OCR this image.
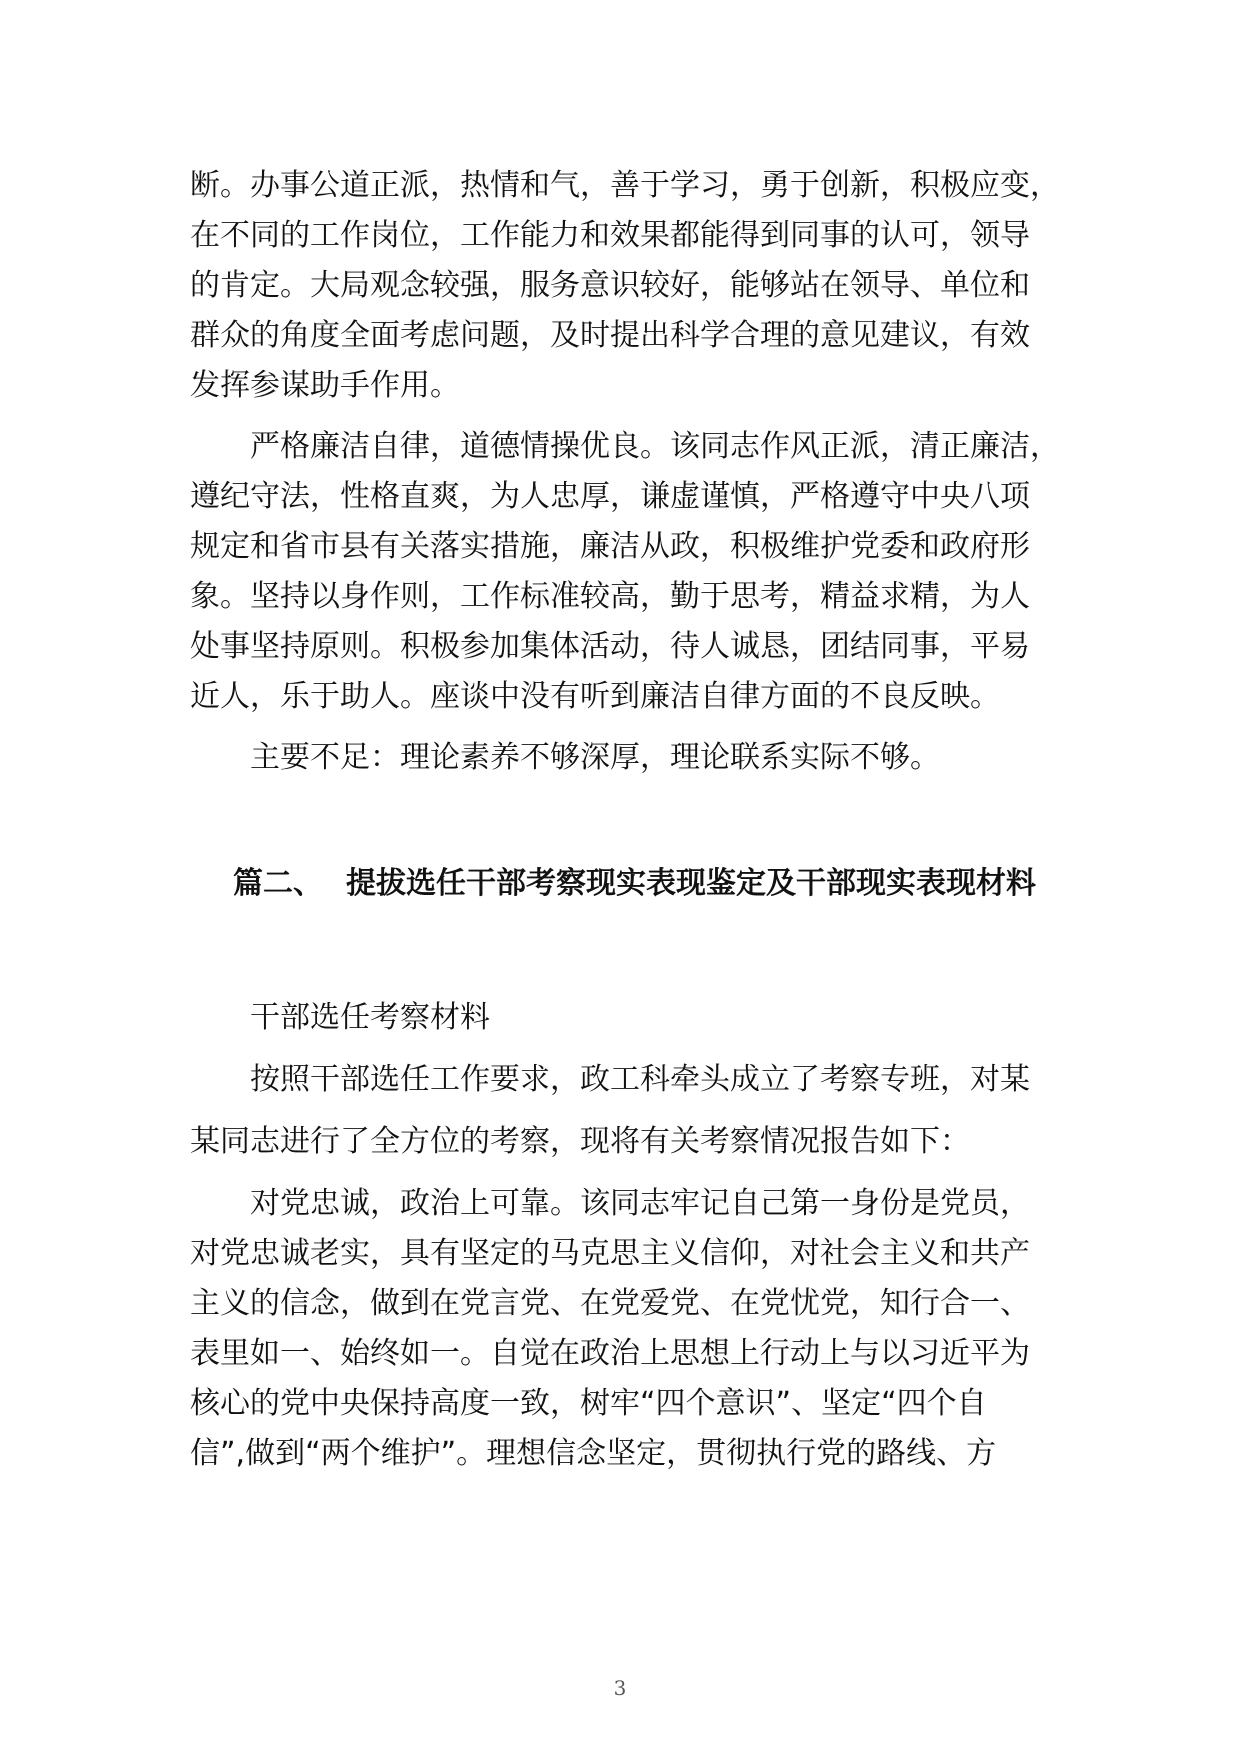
断。办事公道正派，热情和气，善于学习，勇于创新，积极应变，
在不同的工作岗位，工作能力和效果都能得到同事的认可，领导
的肯定。大局观念较强，服务意识较好，能够站在领导、单位和
群众的角度全面考虑问题，及时提出科学合理的意见建议，有效
发挥参谋助手作用。
严格廉洁自律，道德情操优良。该同志作风正派，清正廉洁，
遵纪守法，性格直爽，为人忠厚，谦虚谨慎，严格遵守中央八项
规定和省市县有关落实措施，廉洁从政，积极维护党委和政府形
象。坚持以身作则，工作标准较高，勤于思考，精益求精，为人
处事坚持原则。积极参加集体活动，待人诚恳，团结同事，平易
近人，乐于助人。座谈中没有听到廉洁自律方面的不良反映。
主要不足：理论素养不够深厚，理论联系实际不够。
篇二、 提拔选任干部考察现实表现鉴定及干部现实表现材料
干部选任考察材料
按照干部选任工作要求，政工科牵头成立了考察专班，对某
某同志进行了全方位的考察，现将有关考察情况报告如下：
对党忠诚，政治上可靠。该同志牢记自己第一身份是党员，
对党忠诚老实，具有坚定的马克思主义信仰，对社会主义和共产
主义的信念，做到在党言党、在党爱党、在党忧党，知行合一、
表里如一、始终如一。自觉在政治上思想上行动上与以习近平为
核心的党中央保持高度一致，树牢“四个意识”、坚定“四个自
信”,做到“两个维护”。理想信念坚定，贯彻执行党的路线、方
3
